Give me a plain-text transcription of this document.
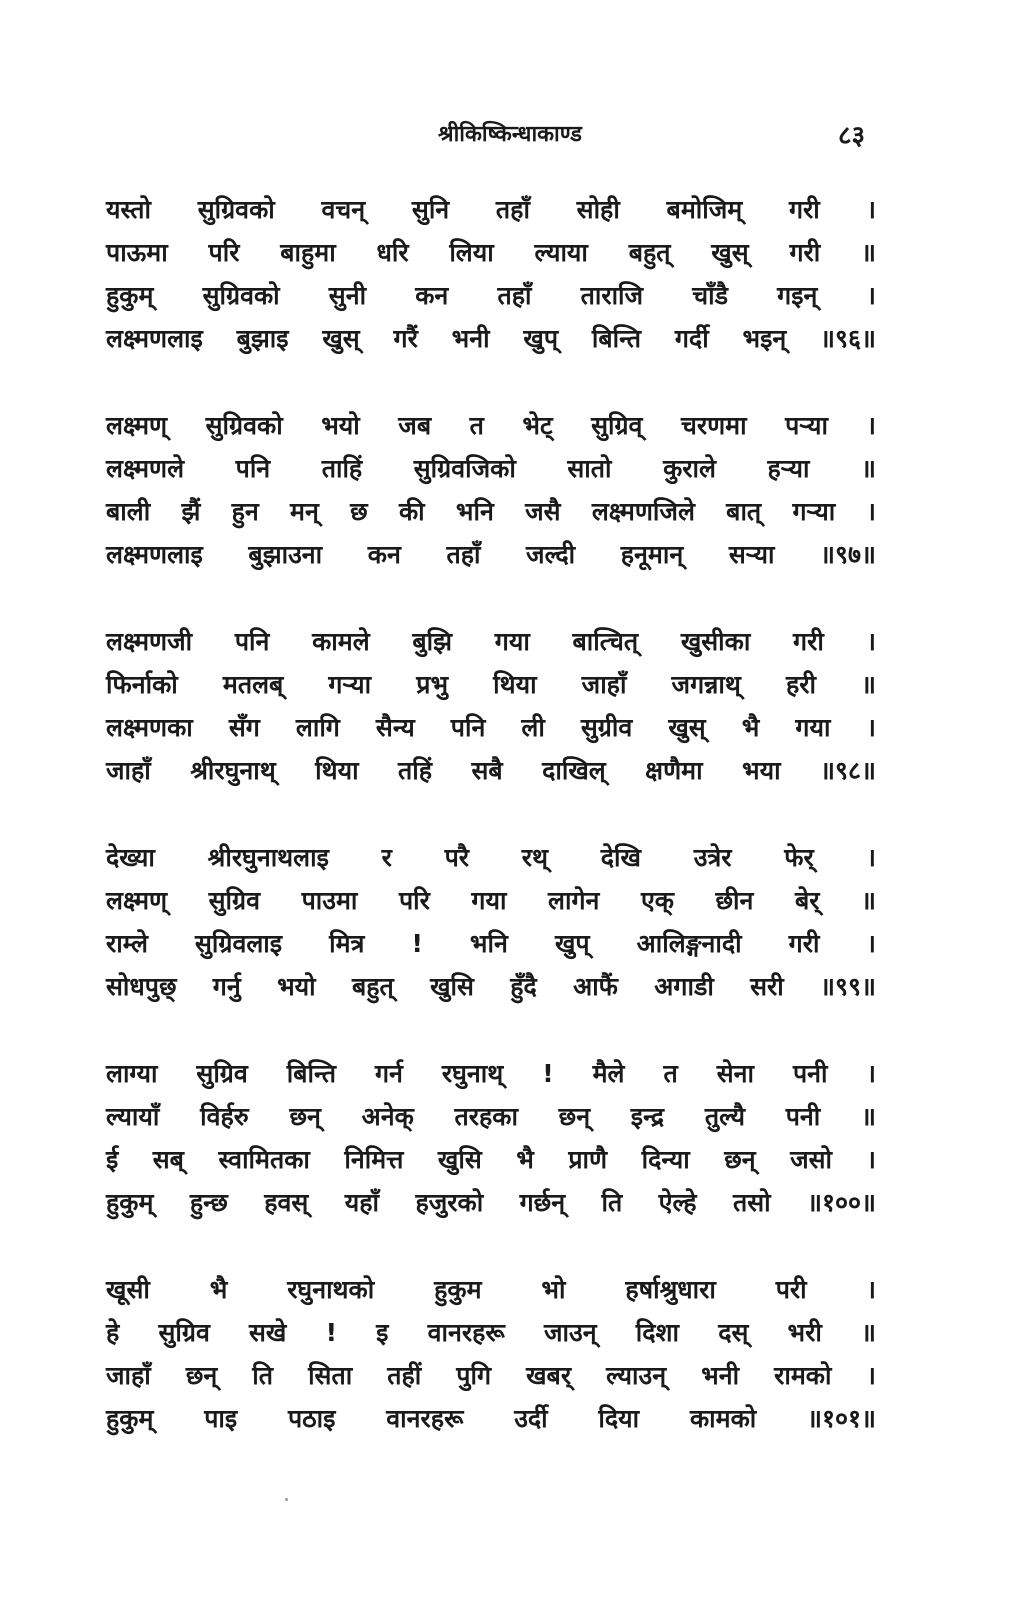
श्रीकिष्किन्धाकाण्ड	८३
यस्तो सुग्रिवको वचन् सुनि तहाँ सोही बमोजिम् गरी ।
पाऊमा परि बाहुमा धरि लिया ल्याया बहुत् खुस् गरी ॥
हुकुम् सुग्रिवको सुनी कन तहाँ ताराजि चाँडै गइन् ।
लक्ष्मणलाइ बुझाइ खुस् गरैं भनी खुप् बिन्ति गर्दी भइन् ॥९६॥
लक्ष्मण् सुग्रिवको भयो जब त भेट् सुग्रिव् चरणमा पऱ्या ।
लक्ष्मणले पनि ताहिं सुग्रिवजिको सातो कुराले हऱ्या ॥
बाली झैं हुन मन् छ की भनि जसै लक्ष्मणजिले बात् गऱ्या ।
लक्ष्मणलाइ बुझाउना कन तहाँ जल्दी हनूमान् सऱ्या ॥९७॥
लक्ष्मणजी पनि कामले बुझि गया बात्चित् खुसीका गरी ।
फिर्नाको मतलब् गऱ्या प्रभु थिया जाहाँ जगन्नाथ् हरी ॥
लक्ष्मणका सँग लागि सैन्य पनि ली सुग्रीव खुस् भै गया ।
जाहाँ श्रीरघुनाथ् थिया तहिं सबै दाखिल् क्षणैमा भया ॥९८॥
देख्या श्रीरघुनाथलाइ र परै रथ् देखि उत्रेर फेर् ।
लक्ष्मण् सुग्रिव पाउमा परि गया लागेन एक् छीन बेर् ॥
राम्ले सुग्रिवलाइ मित्र ! भनि खुप् आलिङ्गनादी गरी ।
सोधपुछ् गर्नु भयो बहुत् खुसि हुँदै आफैं अगाडी सरी ॥९९॥
लाग्या सुग्रिव बिन्ति गर्न रघुनाथ् ! मैले त सेना पनी ।
ल्यायाँ विर्हरु छन् अनेक् तरहका छन् इन्द्र तुल्यै पनी ॥
ई सब् स्वामितका निमित्त खुसि भै प्राणै दिन्या छन् जसो ।
हुकुम् हुन्छ हवस् यहाँ हजुरको गर्छन् ति ऐल्हे तसो ॥१००॥
खूसी भै रघुनाथको हुकुम भो हर्षाश्रुधारा परी ।
हे सुग्रिव सखे ! इ वानरहरू जाउन् दिशा दस् भरी ॥
जाहाँ छन् ति सिता तहीं पुगि खबर् ल्याउन् भनी रामको ।
हुकुम् पाइ पठाइ वानरहरू उर्दी दिया कामको ॥१०१॥
